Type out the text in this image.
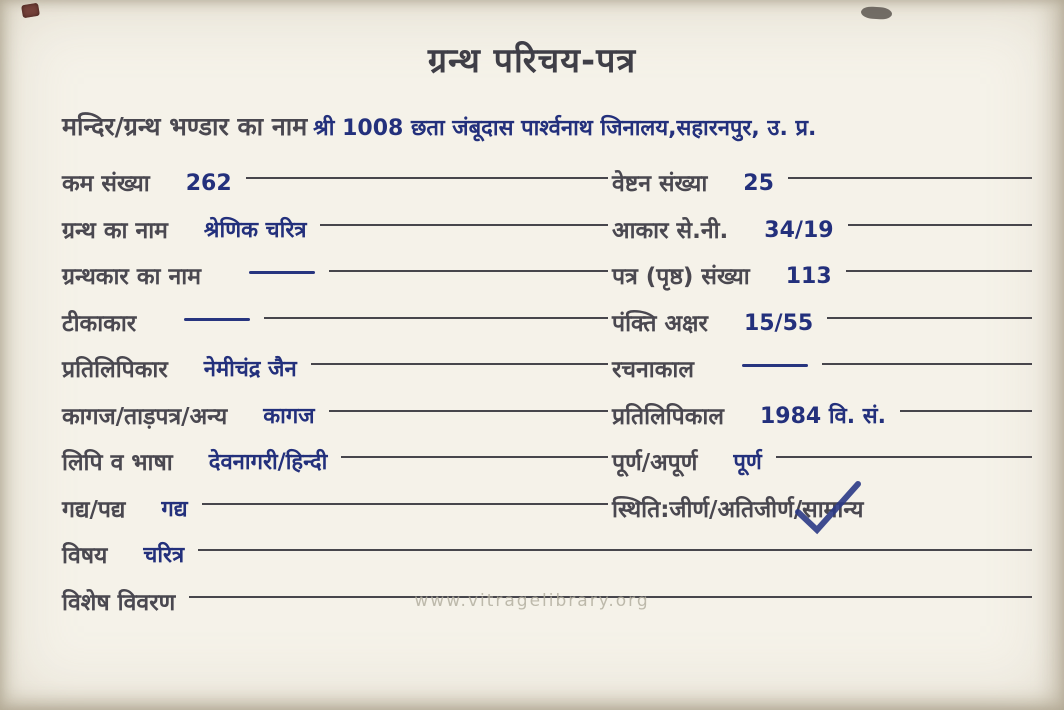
ग्रन्थ परिचय-पत्र
मन्दिर/ग्रन्थ भण्डार का नाम श्री 1008 छता जंबूदास पार्श्वनाथ जिनालय,सहारनपुर, उ. प्र.
कम संख्या 262	वेष्टन संख्या 25
ग्रन्थ का नाम श्रेणिक चरित्र	आकार से.नी. 34/19
ग्रन्थकार का नाम	पत्र (पृष्ठ) संख्या 113
टीकाकार	पंक्ति अक्षर 15/55
प्रतिलिपिकार नेमीचंद्र जैन	रचनाकाल
कागज/ताड़पत्र/अन्य कागज	प्रतिलिपिकाल 1984 वि. सं.
लिपि व भाषा देवनागरी/हिन्दी	पूर्ण/अपूर्ण पूर्ण
गद्य/पद्य गद्य	स्थिति:जीर्ण/अतिजीर्ण/ सामान्य
विषय चरित्र
विशेष विवरण	www.vitragelibrary.org
